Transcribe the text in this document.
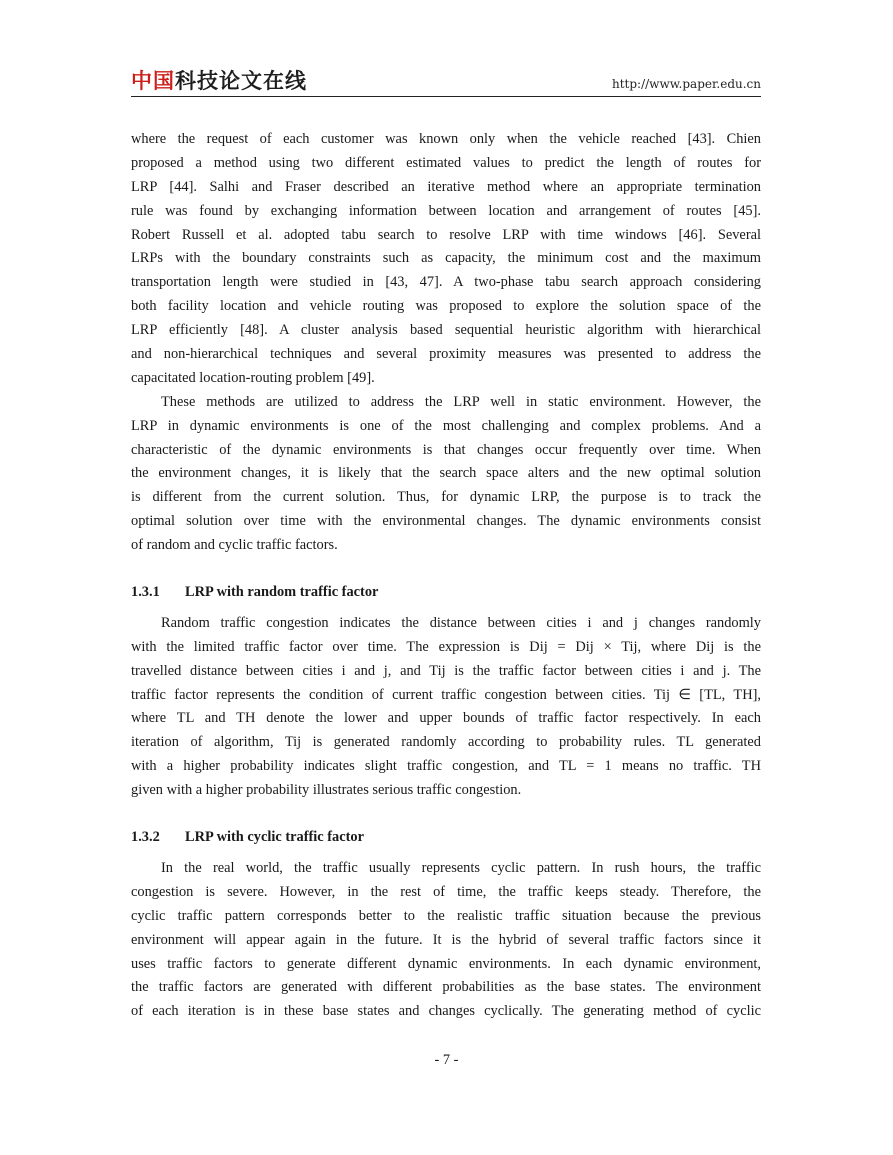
中国科技论文在线	http://www.paper.edu.cn
where the request of each customer was known only when the vehicle reached [43]. Chien
proposed a method using two different estimated values to predict the length of routes for
LRP [44]. Salhi and Fraser described an iterative method where an appropriate termination
rule was found by exchanging information between location and arrangement of routes [45].
Robert Russell et al. adopted tabu search to resolve LRP with time windows [46]. Several
LRPs with the boundary constraints such as capacity, the minimum cost and the maximum
transportation length were studied in [43, 47]. A two-phase tabu search approach considering
both facility location and vehicle routing was proposed to explore the solution space of the
LRP efficiently [48]. A cluster analysis based sequential heuristic algorithm with hierarchical
and non-hierarchical techniques and several proximity measures was presented to address the
capacitated location-routing problem [49].
These methods are utilized to address the LRP well in static environment. However, the
LRP in dynamic environments is one of the most challenging and complex problems. And a
characteristic of the dynamic environments is that changes occur frequently over time. When
the environment changes, it is likely that the search space alters and the new optimal solution
is different from the current solution. Thus, for dynamic LRP, the purpose is to track the
optimal solution over time with the environmental changes. The dynamic environments consist
of random and cyclic traffic factors.
1.3.1 LRP with random traffic factor
Random traffic congestion indicates the distance between cities i and j changes randomly
with the limited traffic factor over time. The expression is Dij = Dij × Tij, where Dij is the
travelled distance between cities i and j, and Tij is the traffic factor between cities i and j. The
traffic factor represents the condition of current traffic congestion between cities. Tij ∈ [TL, TH],
where TL and TH denote the lower and upper bounds of traffic factor respectively. In each
iteration of algorithm, Tij is generated randomly according to probability rules. TL generated
with a higher probability indicates slight traffic congestion, and TL = 1 means no traffic. TH
given with a higher probability illustrates serious traffic congestion.
1.3.2 LRP with cyclic traffic factor
In the real world, the traffic usually represents cyclic pattern. In rush hours, the traffic
congestion is severe. However, in the rest of time, the traffic keeps steady. Therefore, the
cyclic traffic pattern corresponds better to the realistic traffic situation because the previous
environment will appear again in the future. It is the hybrid of several traffic factors since it
uses traffic factors to generate different dynamic environments. In each dynamic environment,
the traffic factors are generated with different probabilities as the base states. The environment
of each iteration is in these base states and changes cyclically. The generating method of cyclic
- 7 -
